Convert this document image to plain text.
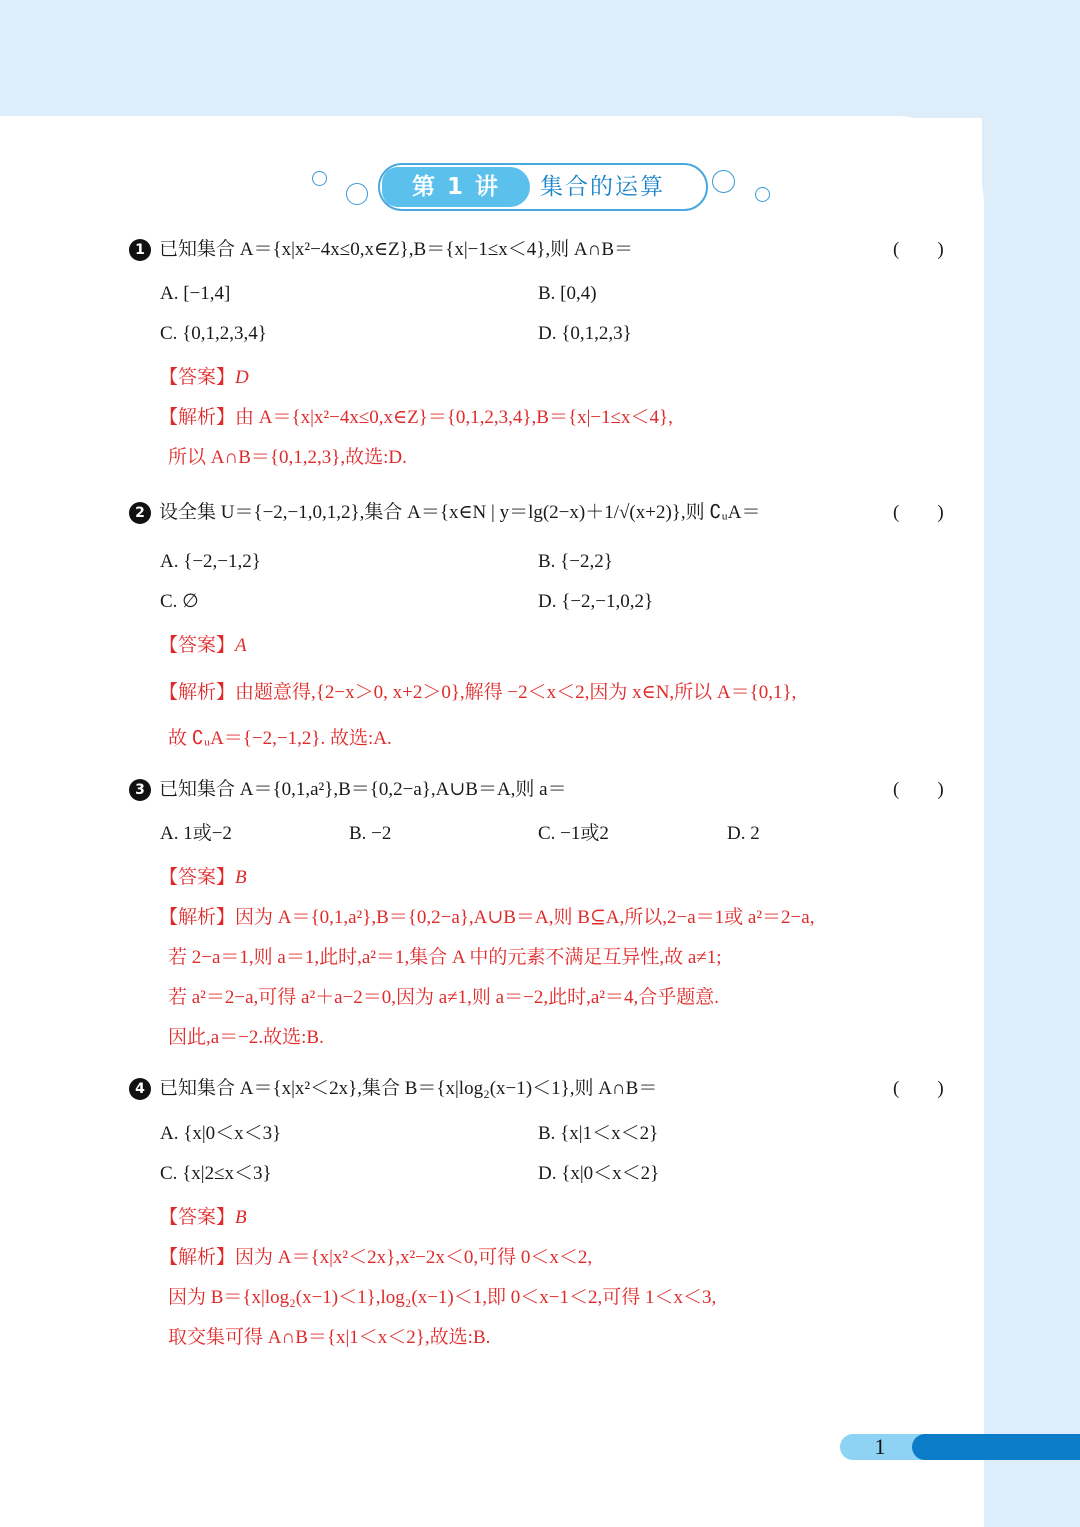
第 1 讲	集合的运算
1 已知集合 A＝{x|x²−4x≤0,x∈Z},B＝{x|−1≤x＜4},则 A∩B＝	(　　)
A. [−1,4]	B. [0,4)
C. {0,1,2,3,4}	D. {0,1,2,3}
【答案】D
【解析】由 A＝{x|x²−4x≤0,x∈Z}＝{0,1,2,3,4},B＝{x|−1≤x＜4},
所以 A∩B＝{0,1,2,3},故选:D.
2 设全集 U＝{−2,−1,0,1,2},集合 A＝{x∈N | y＝lg(2−x)＋1/√(x+2)},则 ∁ᵤA＝	(　　)
A. {−2,−1,2}	B. {−2,2}
C. ∅	D. {−2,−1,0,2}
【答案】A
【解析】由题意得,{2−x＞0, x+2＞0},解得 −2＜x＜2,因为 x∈N,所以 A＝{0,1},
故 ∁ᵤA＝{−2,−1,2}. 故选:A.
3 已知集合 A＝{0,1,a²},B＝{0,2−a},A∪B＝A,则 a＝	(　　)
A. 1或−2	B. −2	C. −1或2	D. 2
【答案】B
【解析】因为 A＝{0,1,a²},B＝{0,2−a},A∪B＝A,则 B⊆A,所以,2−a＝1或 a²＝2−a,
若 2−a＝1,则 a＝1,此时,a²＝1,集合 A 中的元素不满足互异性,故 a≠1;
若 a²＝2−a,可得 a²＋a−2＝0,因为 a≠1,则 a＝−2,此时,a²＝4,合乎题意.
因此,a＝−2.故选:B.
4 已知集合 A＝{x|x²＜2x},集合 B＝{x|log₂(x−1)＜1},则 A∩B＝	(　　)
A. {x|0＜x＜3}	B. {x|1＜x＜2}
C. {x|2≤x＜3}	D. {x|0＜x＜2}
【答案】B
【解析】因为 A＝{x|x²＜2x},x²−2x＜0,可得 0＜x＜2,
因为 B＝{x|log₂(x−1)＜1},log₂(x−1)＜1,即 0＜x−1＜2,可得 1＜x＜3,
取交集可得 A∩B＝{x|1＜x＜2},故选:B.
1
